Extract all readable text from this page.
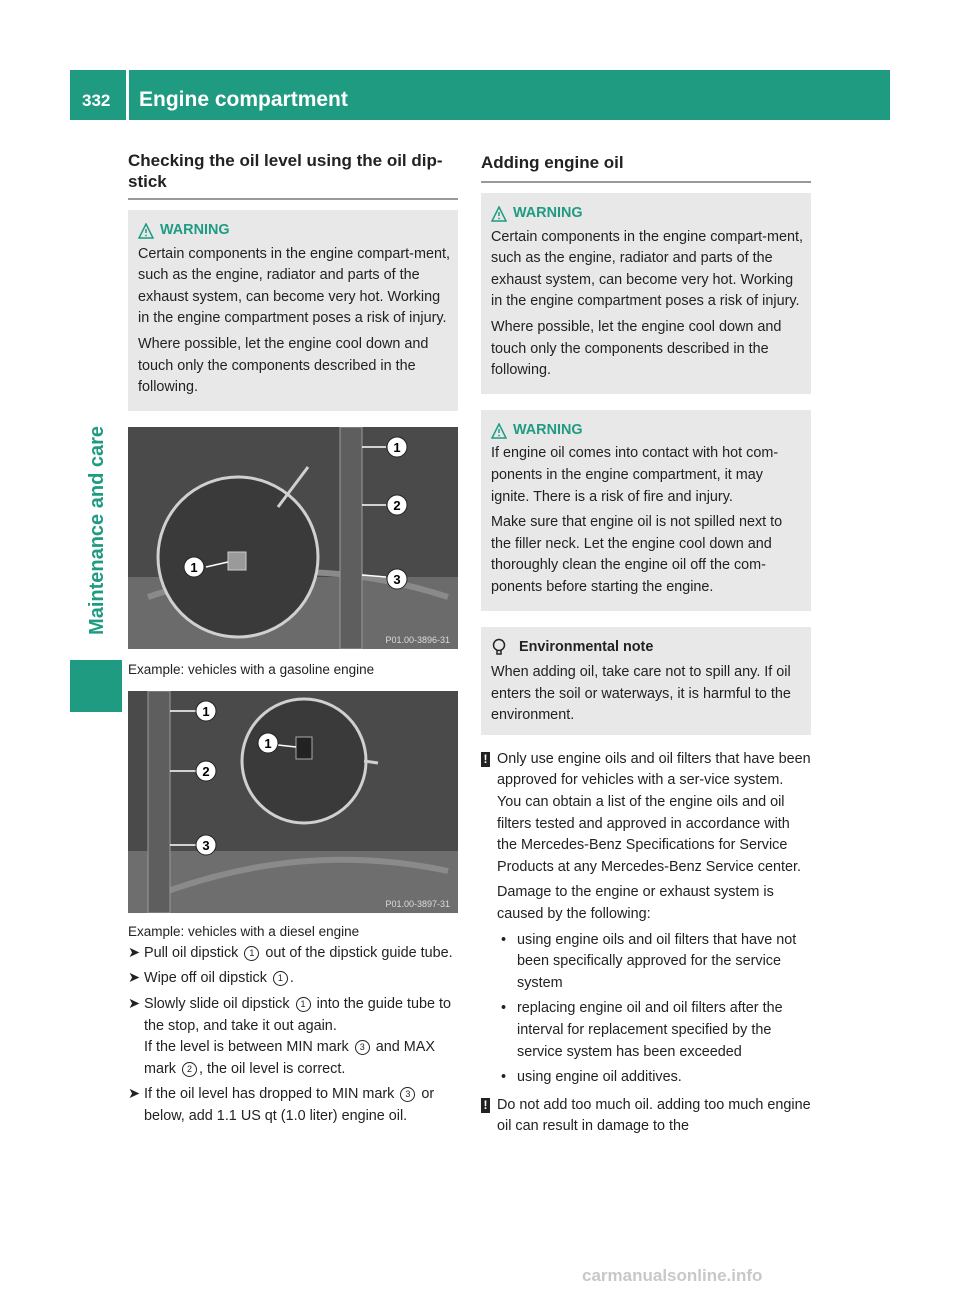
332	Engine compartment
Maintenance and care
Checking the oil level using the oil dip-
stick
WARNING

Certain components in the engine compart-ment, such as the engine, radiator and parts of the exhaust system, can become very hot. Working in the engine compartment poses a risk of injury.

Where possible, let the engine cool down and touch only the components described in the following.

1
2
3
1
P01.00-3896-31
Example: vehicles with a gasoline engine
1
2
3
1
P01.00-3897-31
Example: vehicles with a diesel engine
➤ Pull oil dipstick 1 out of the dipstick guide tube.
➤ Wipe off oil dipstick 1 .
➤ Slowly slide oil dipstick 1 into the guide tube to the stop, and take it out again.
If the level is between MIN mark 3 and MAX mark 2 , the oil level is correct.
➤ If the oil level has dropped to MIN mark 3 or below, add 1.1 US qt (1.0 liter) engine oil.
Adding engine oil
WARNING

Certain components in the engine compart-ment, such as the engine, radiator and parts of the exhaust system, can become very hot. Working in the engine compartment poses a risk of injury.

Where possible, let the engine cool down and touch only the components described in the following.

WARNING

If engine oil comes into contact with hot com-ponents in the engine compartment, it may ignite. There is a risk of fire and injury.

Make sure that engine oil is not spilled next to the filler neck. Let the engine cool down and thoroughly clean the engine oil off the com-ponents before starting the engine.

Environmental note

When adding oil, take care not to spill any. If oil enters the soil or waterways, it is harmful to the environment.

! Only use engine oils and oil filters that have been approved for vehicles with a ser-vice system. You can obtain a list of the engine oils and oil filters tested and approved in accordance with the Mercedes-Benz Specifications for Service Products at any Mercedes-Benz Service center.

Damage to the engine or exhaust system is caused by the following:

• using engine oils and oil filters that have not been specifically approved for the service system
• replacing engine oil and oil filters after the interval for replacement specified by the service system has been exceeded
• using engine oil additives.
! Do not add too much oil. adding too much engine oil can result in damage to the

carmanualsonline.info
